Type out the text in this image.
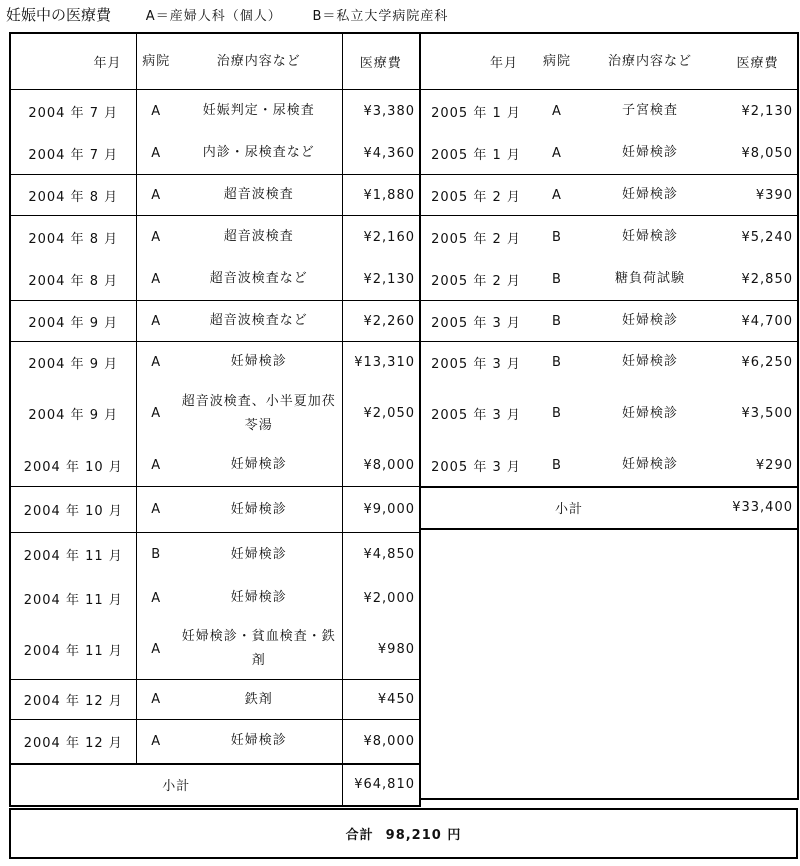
妊娠中の医療費	A＝産婦人科（個人） B＝私立大学病院産科
年月	病院	治療内容など	医療費
2004 年 7 月	A	妊娠判定・尿検査	¥3,380
2004 年 7 月	A	内診・尿検査など	¥4,360
2004 年 8 月	A	超音波検査	¥1,880
2004 年 8 月	A	超音波検査	¥2,160
2004 年 8 月	A	超音波検査など	¥2,130
2004 年 9 月	A	超音波検査など	¥2,260
2004 年 9 月	A	妊婦検診	¥13,310
2004 年 9 月	A	超音波検査、小半夏加茯苓湯	¥2,050
2004 年 10 月	A	妊婦検診	¥8,000
2004 年 10 月	A	妊婦検診	¥9,000
2004 年 11 月	B	妊婦検診	¥4,850
2004 年 11 月	A	妊婦検診	¥2,000
2004 年 11 月	A	妊婦検診・貧血検査・鉄剤	¥980
2004 年 12 月	A	鉄剤	¥450
2004 年 12 月	A	妊婦検診	¥8,000
小計			¥64,810
年月	病院	治療内容など	医療費
2005 年 1 月	A	子宮検査	¥2,130
2005 年 1 月	A	妊婦検診	¥8,050
2005 年 2 月	A	妊婦検診	¥390
2005 年 2 月	B	妊婦検診	¥5,240
2005 年 2 月	B	糖負荷試験	¥2,850
2005 年 3 月	B	妊婦検診	¥4,700
2005 年 3 月	B	妊婦検診	¥6,250
2005 年 3 月	B	妊婦検診	¥3,500
2005 年 3 月	B	妊婦検診	¥290
小計			¥33,400

合計 98,210 円
